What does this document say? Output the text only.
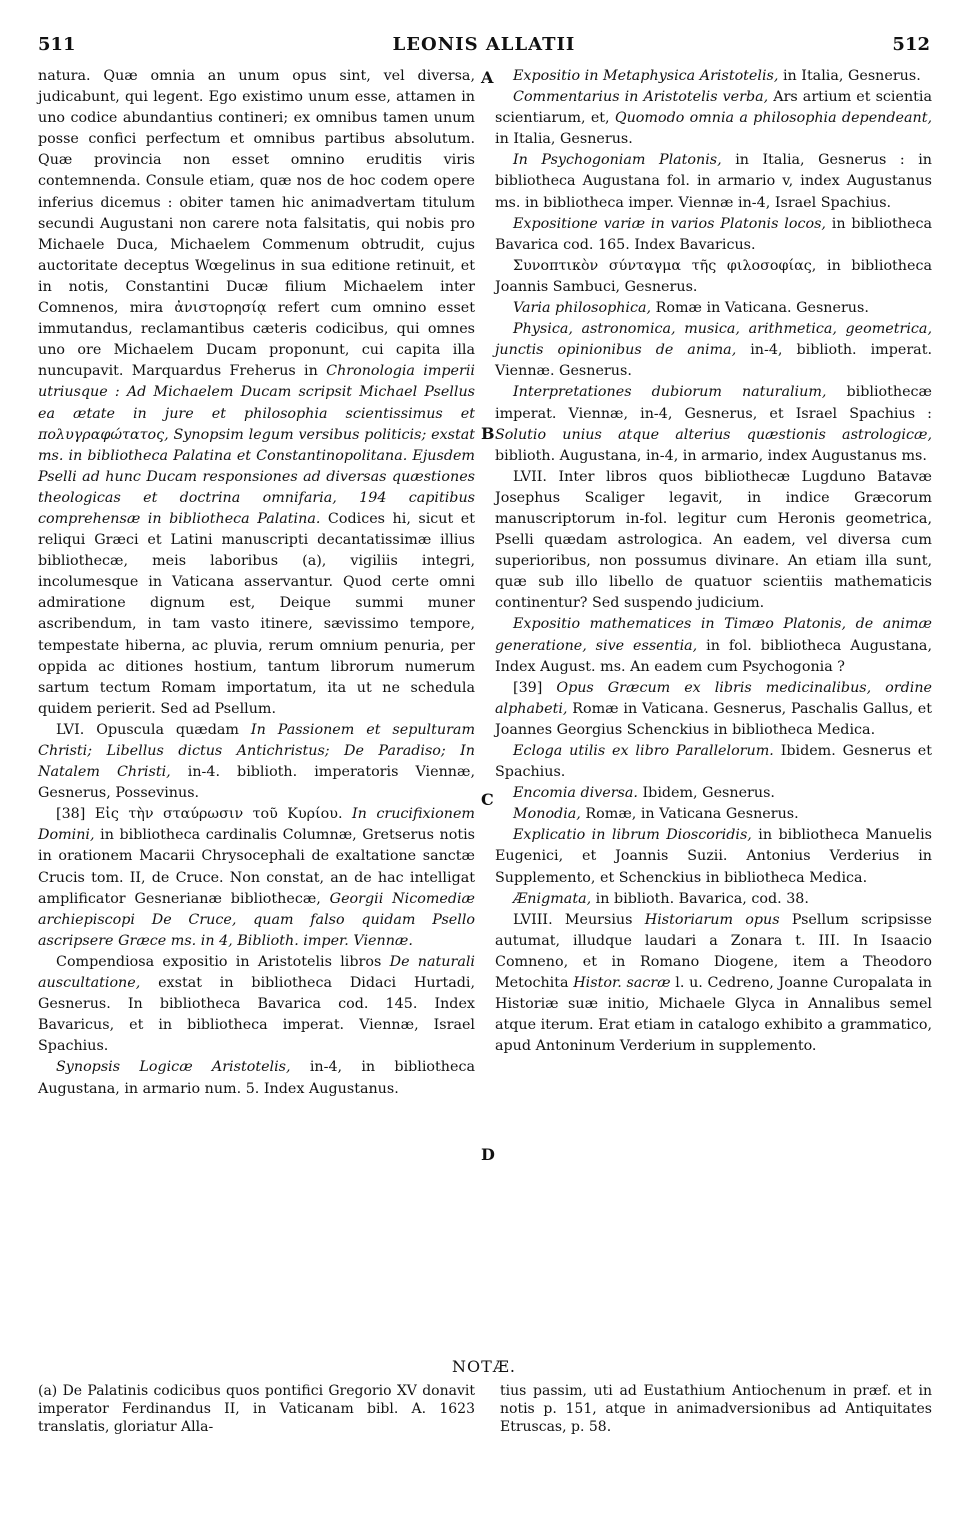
511	LEONIS ALLATII	512
A
B
C
D

natura. Quæ omnia an unum opus sint, vel diversa, judicabunt, qui legent. Ego existimo unum esse, attamen in uno codice abundantius contineri; ex omnibus tamen unum posse confici perfectum et omnibus partibus absolutum. Quæ provincia non esset omnino eruditis viris contemnenda. Consule etiam, quæ nos de hoc codem opere inferius dicemus : obiter tamen hic animadvertam titulum secundi Augustani non carere nota falsitatis, qui nobis pro Michaele Duca, Michaelem Commenum obtrudit, cujus auctoritate deceptus Wœgelinus in sua editione retinuit, et in notis, Constantini Ducæ filium Michaelem inter Comnenos, mira ἀνιστορησίᾳ refert cum omnino esset immutandus, reclamantibus cæteris codicibus, qui omnes uno ore Michaelem Ducam proponunt, cui capita illa nuncupavit. Marquardus Freherus in Chronologia imperii utriusque : Ad Michaelem Ducam scripsit Michael Psellus ea ætate in jure et philosophia scientissimus et πολυγραφώτατος, Synopsim legum versibus politicis; exstat ms. in bibliotheca Palatina et Constantinopolitana. Ejusdem Pselli ad hunc Ducam responsiones ad diversas quæstiones theologicas et doctrina omnifaria, 194 capitibus comprehensæ in bibliotheca Palatina. Codices hi, sicut et reliqui Græci et Latini manuscripti decantatissimæ illius bibliothecæ, meis laboribus (a), vigiliis integri, incolumesque in Vaticana asservantur. Quod certe omni admiratione dignum est, Deique summi muner ascribendum, in tam vasto itinere, sævissimo tempore, tempestate hiberna, ac pluvia, rerum omnium penuria, per oppida ac ditiones hostium, tantum librorum numerum sartum tectum Romam importatum, ita ut ne schedula quidem perierit. Sed ad Psellum.

LVI. Opuscula quædam In Passionem et sepulturam Christi; Libellus dictus Antichristus; De Paradiso; In Natalem Christi, in-4. biblioth. imperatoris Viennæ, Gesnerus, Possevinus.

[38] Εἰς τὴν σταύρωσιν τοῦ Κυρίου. In crucifixionem Domini, in bibliotheca cardinalis Columnæ, Gretserus notis in orationem Macarii Chrysocephali de exaltatione sanctæ Crucis tom. II, de Cruce. Non constat, an de hac intelligat amplificator Gesnerianæ bibliothecæ, Georgii Nicomediæ archiepiscopi De Cruce, quam falso quidam Psello ascripsere Græce ms. in 4, Biblioth. imper. Viennæ.

Compendiosa expositio in Aristotelis libros De naturali auscultatione, exstat in bibliotheca Didaci Hurtadi, Gesnerus. In bibliotheca Bavarica cod. 145. Index Bavaricus, et in bibliotheca imperat. Viennæ, Israel Spachius.

Synopsis Logicæ Aristotelis, in-4, in bibliotheca Augustana, in armario num. 5. Index Augustanus.

Expositio in Metaphysica Aristotelis, in Italia, Gesnerus.

Commentarius in Aristotelis verba, Ars artium et scientia scientiarum, et, Quomodo omnia a philosophia dependeant, in Italia, Gesnerus.

In Psychogoniam Platonis, in Italia, Gesnerus : in bibliotheca Augustana fol. in armario v, index Augustanus ms. in bibliotheca imper. Viennæ in-4, Israel Spachius.

Expositione variæ in varios Platonis locos, in bibliotheca Bavarica cod. 165. Index Bavaricus.

Συνοπτικὸν σύνταγμα τῆς φιλοσοφίας, in bibliotheca Joannis Sambuci, Gesnerus.

Varia philosophica, Romæ in Vaticana. Gesnerus.

Physica, astronomica, musica, arithmetica, geometrica, junctis opinionibus de anima, in-4, biblioth. imperat. Viennæ. Gesnerus.

Interpretationes dubiorum naturalium, bibliothecæ imperat. Viennæ, in-4, Gesnerus, et Israel Spachius : Solutio unius atque alterius quæstionis astrologicæ, biblioth. Augustana, in-4, in armario, index Augustanus ms.

LVII. Inter libros quos bibliothecæ Lugduno Batavæ Josephus Scaliger legavit, in indice Græcorum manuscriptorum in-fol. legitur cum Heronis geometrica, Pselli quædam astrologica. An eadem, vel diversa cum superioribus, non possumus divinare. An etiam illa sunt, quæ sub illo libello de quatuor scientiis mathematicis continentur? Sed suspendo judicium.

Expositio mathematices in Timæo Platonis, de animæ generatione, sive essentia, in fol. bibliotheca Augustana, Index August. ms. An eadem cum Psychogonia ?

[39] Opus Græcum ex libris medicinalibus, ordine alphabeti, Romæ in Vaticana. Gesnerus, Paschalis Gallus, et Joannes Georgius Schenckius in bibliotheca Medica.

Ecloga utilis ex libro Parallelorum. Ibidem. Gesnerus et Spachius.

Encomia diversa. Ibidem, Gesnerus.

Monodia, Romæ, in Vaticana Gesnerus.

Explicatio in librum Dioscoridis, in bibliotheca Manuelis Eugenici, et Joannis Suzii. Antonius Verderius in Supplemento, et Schenckius in bibliotheca Medica.

Ænigmata, in biblioth. Bavarica, cod. 38.

LVIII. Meursius Historiarum opus Psellum scripsisse autumat, illudque laudari a Zonara t. III. In Isaacio Comneno, et in Romano Diogene, item a Theodoro Metochita Histor. sacræ l. u. Cedreno, Joanne Curopalata in Historiæ suæ initio, Michaele Glyca in Annalibus semel atque iterum. Erat etiam in catalogo exhibito a grammatico, apud Antoninum Verderium in supplemento.

NOTÆ.

(a) De Palatinis codicibus quos pontifici Gregorio XV donavit imperator Ferdinandus II, in Vaticanam bibl. A. 1623 translatis, gloriatur Alla-

tius passim, uti ad Eustathium Antiochenum in præf. et in notis p. 151, atque in animadversionibus ad Antiquitates Etruscas, p. 58.
